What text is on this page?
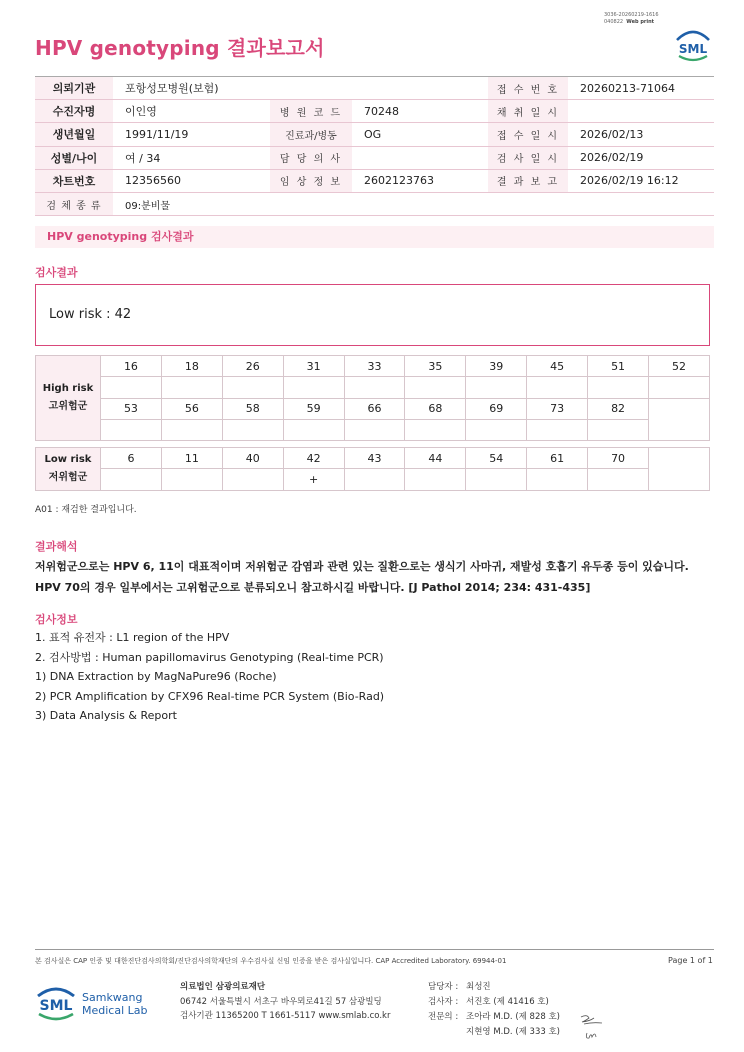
3036-20260219-1616
040822 Web print
HPV genotyping 결과보고서	SML
의뢰기관	포항성모병원(보험)			접 수 번 호	20260213-71064
수진자명	이인영	병 원 코 드	70248	채 취 일 시	
생년월일	1991/11/19	진료과/병동	OG	접 수 일 시	2026/02/13
성별/나이	여 / 34	담 당 의 사		검 사 일 시	2026/02/19
차트번호	12356560	임 상 정 보	2602123763	결 과 보 고	2026/02/19 16:12
검 체 종 류	09:분비물				
HPV genotyping 검사결과
검사결과
Low risk : 42
High risk
고위험군	16	18	26	31	33	35	39	45	51	52

	53	56	58	59	66	68	69	73	82	

Low risk
저위험군	6	11	40	42	43	44	54	61	70	
				+						
A01 : 재검한 결과입니다.
결과해석
저위험군으로는 HPV 6, 11이 대표적이며 저위험군 감염과 관련 있는 질환으로는 생식기 사마귀, 재발성 호흡기 유두종 등이 있습니다.
HPV 70의 경우 일부에서는 고위험군으로 분류되오니 참고하시길 바랍니다. [J Pathol 2014; 234: 431-435]
검사정보
1. 표적 유전자 : L1 region of the HPV
2. 검사방법 : Human papillomavirus Genotyping (Real-time PCR)
1) DNA Extraction by MagNaPure96 (Roche)
2) PCR Amplification by CFX96 Real-time PCR System (Bio-Rad)
3) Data Analysis & Report
본 검사실은 CAP 인증 및 대한진단검사의학회/진단검사의학재단의 우수검사실 신임 인증을 받은 검사실입니다. CAP Accredited Laboratory. 69944-01	Page 1 of 1
SML
Samkwang
Medical Lab
의료법인 삼광의료재단
06742 서울특별시 서초구 바우뫼로41길 57 삼광빌딩
검사기관 11365200 T 1661-5117 www.smlab.co.kr
담당자 : 최성진
검사자 : 서진호 (제 41416 호)
전문의 : 조아라 M.D. (제 828 호)
지현영 M.D. (제 333 호)
